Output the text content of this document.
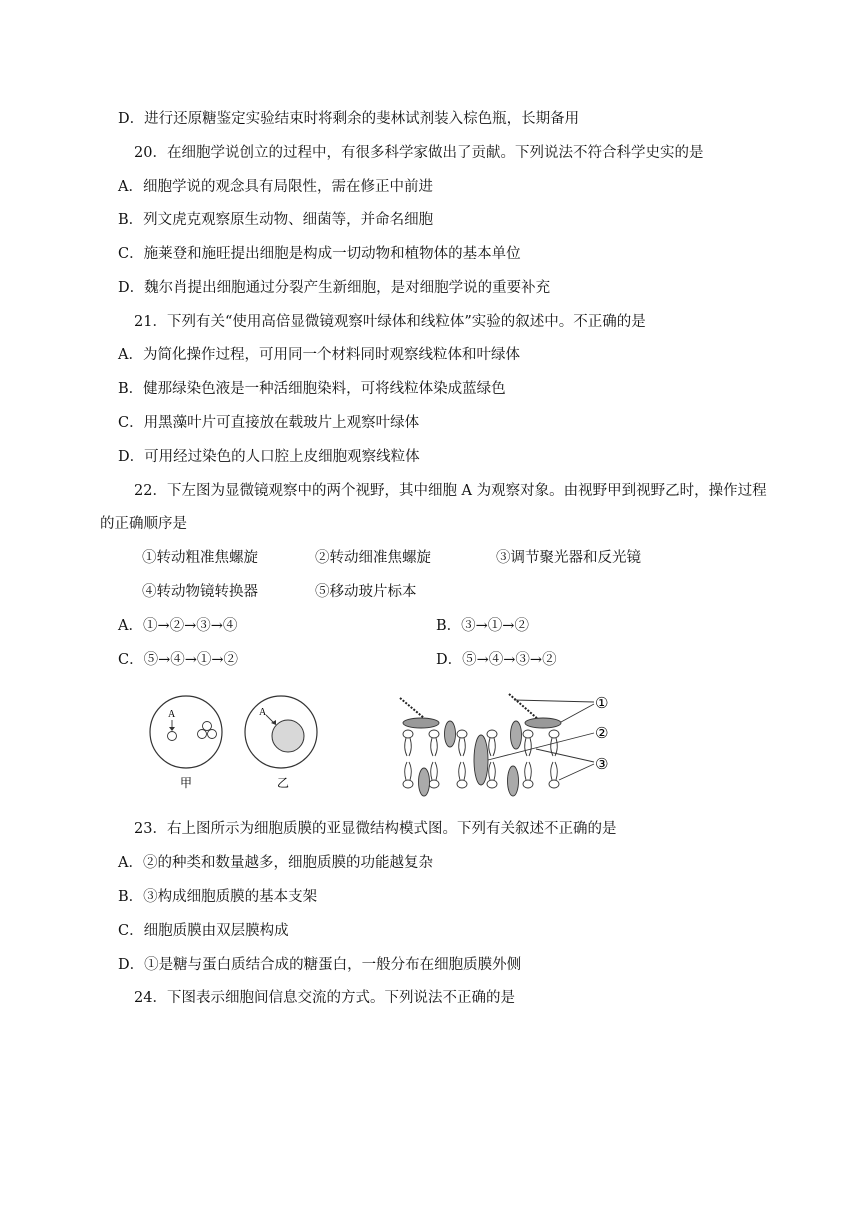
D．进行还原糖鉴定实验结束时将剩余的斐林试剂装入棕色瓶，长期备用
20．在细胞学说创立的过程中，有很多科学家做出了贡献。下列说法不符合科学史实的是
A．细胞学说的观念具有局限性，需在修正中前进
B．列文虎克观察原生动物、细菌等，并命名细胞
C．施莱登和施旺提出细胞是构成一切动物和植物体的基本单位
D．魏尔肖提出细胞通过分裂产生新细胞，是对细胞学说的重要补充
21．下列有关“使用高倍显微镜观察叶绿体和线粒体”实验的叙述中。不正确的是
A．为简化操作过程，可用同一个材料同时观察线粒体和叶绿体
B．健那绿染色液是一种活细胞染料，可将线粒体染成蓝绿色
C．用黑藻叶片可直接放在载玻片上观察叶绿体
D．可用经过染色的人口腔上皮细胞观察线粒体
22．下左图为显微镜观察中的两个视野，其中细胞 A 为观察对象。由视野甲到视野乙时，操作过程
的正确顺序是
①转动粗准焦螺旋	②转动细准焦螺旋	③调节聚光器和反光镜
④转动物镜转换器	⑤移动玻片标本
A．①→②→③→④	B．③→①→②
C．⑤→④→①→②	D．⑤→④→③→②
A
甲
A
乙
①
②
③
23．右上图所示为细胞质膜的亚显微结构模式图。下列有关叙述不正确的是
A．②的种类和数量越多，细胞质膜的功能越复杂
B．③构成细胞质膜的基本支架
C．细胞质膜由双层膜构成
D．①是糖与蛋白质结合成的糖蛋白，一般分布在细胞质膜外侧
24．下图表示细胞间信息交流的方式。下列说法不正确的是
